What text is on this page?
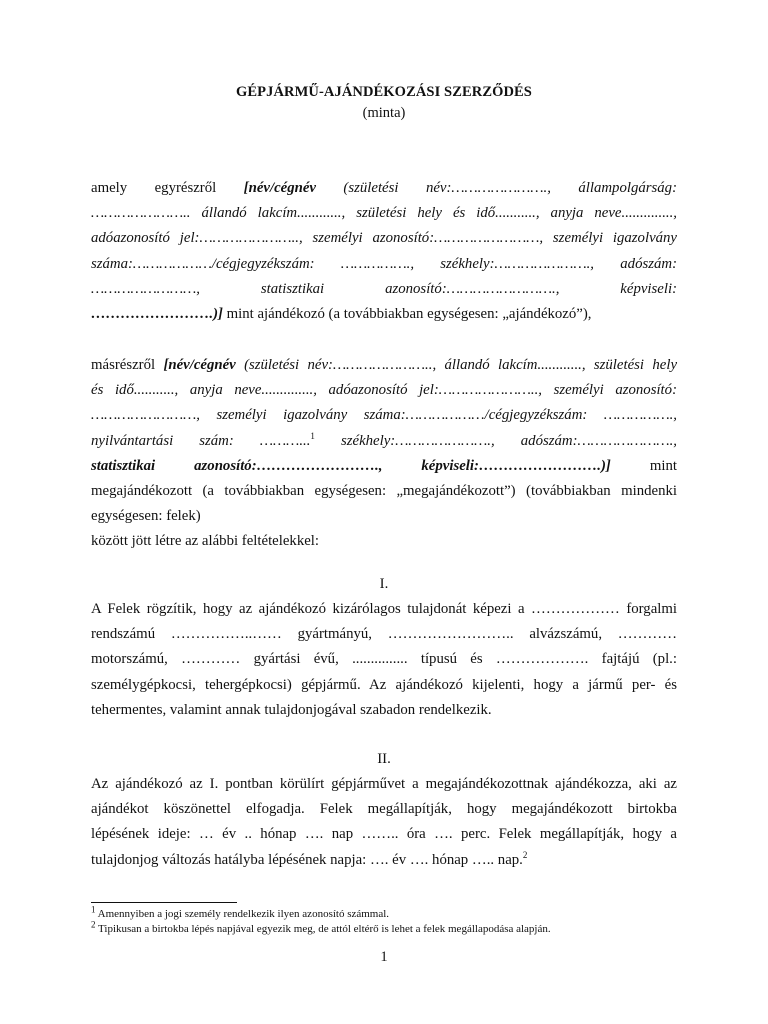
GÉPJÁRMŰ-AJÁNDÉKOZÁSI SZERZŐDÉS
(minta)
amely egyrészről [név/cégnév (születési név:…………………., állampolgárság:
………………….. állandó lakcím............, születési hely és idő..........., anyja neve..............,
adóazonosító jel:………………….., személyi azonosító:……………………, személyi igazolvány
száma:………………/cégjegyzékszám: ……………., székhely:…………………., adószám:
……………………, statisztikai azonosító:……………………., képviseli:
…………………….)] mint ajándékozó (a továbbiakban egységesen: „ajándékozó”),
másrészről [név/cégnév (születési név:………………….., állandó lakcím............, születési hely
és idő..........., anyja neve.............., adóazonosító jel:………………….., személyi azonosító:
……………………, személyi igazolvány száma:………………/cégjegyzékszám: …………….,
nyilvántartási szám: ………...$^1$ székhely:…………………., adószám:………………….,
statisztikai azonosító:……………………., képviseli:…………………….)] mint
megajándékozott (a továbbiakban egységesen: „megajándékozott”) (továbbiakban mindenki
egységesen: felek)
között jött létre az alábbi feltételekkel:
I.
A Felek rögzítik, hogy az ajándékozó kizárólagos tulajdonát képezi a ……………… forgalmi
rendszámú ……………..…… gyártmányú, …………………….. alvázszámú, …………
motorszámú, ………… gyártási évű, ............... típusú és ………………. fajtájú (pl.:
személygépkocsi, tehergépkocsi) gépjármű. Az ajándékozó kijelenti, hogy a jármű per- és
tehermentes, valamint annak tulajdonjogával szabadon rendelkezik.
II.
Az ajándékozó az I. pontban körülírt gépjárművet a megajándékozottnak ajándékozza, aki az
ajándékot köszönettel elfogadja. Felek megállapítják, hogy megajándékozott birtokba
lépésének ideje: … év .. hónap …. nap …….. óra …. perc. Felek megállapítják, hogy a
tulajdonjog változás hatályba lépésének napja: …. év …. hónap ….. nap.$^2$
$^1$ Amennyiben a jogi személy rendelkezik ilyen azonosító számmal.
$^2$ Tipikusan a birtokba lépés napjával egyezik meg, de attól eltérő is lehet a felek megállapodása alapján.
1
